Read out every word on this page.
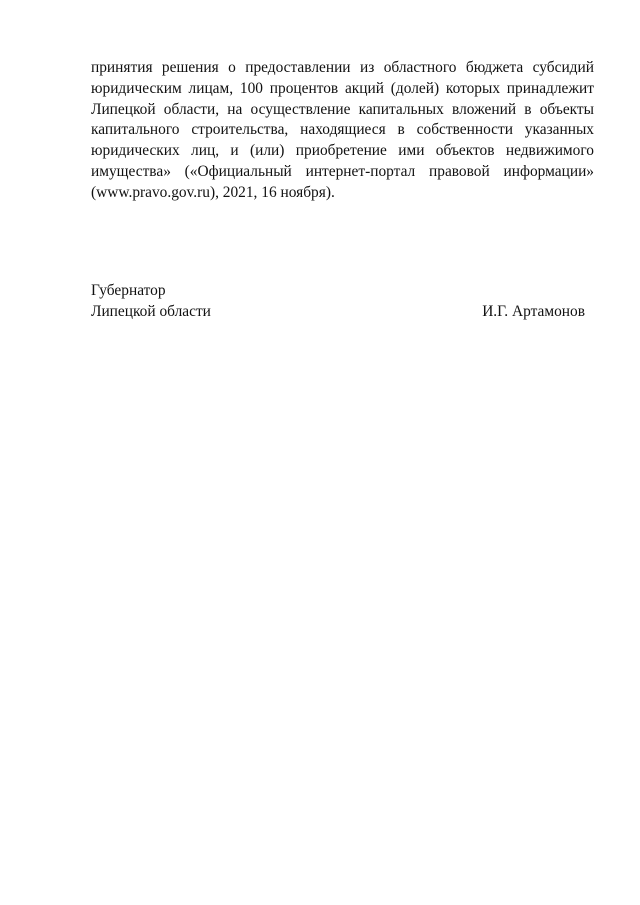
принятия решения о предоставлении из областного бюджета субсидий
юридическим лицам, 100 процентов акций (долей) которых принадлежит
Липецкой области, на осуществление капитальных вложений в объекты
капитального строительства, находящиеся в собственности указанных
юридических лиц, и (или) приобретение ими объектов недвижимого
имущества» («Официальный интернет-портал правовой информации»
(www.pravo.gov.ru), 2021, 16 ноября).

Губернатор
Липецкой области	И.Г. Артамонов
